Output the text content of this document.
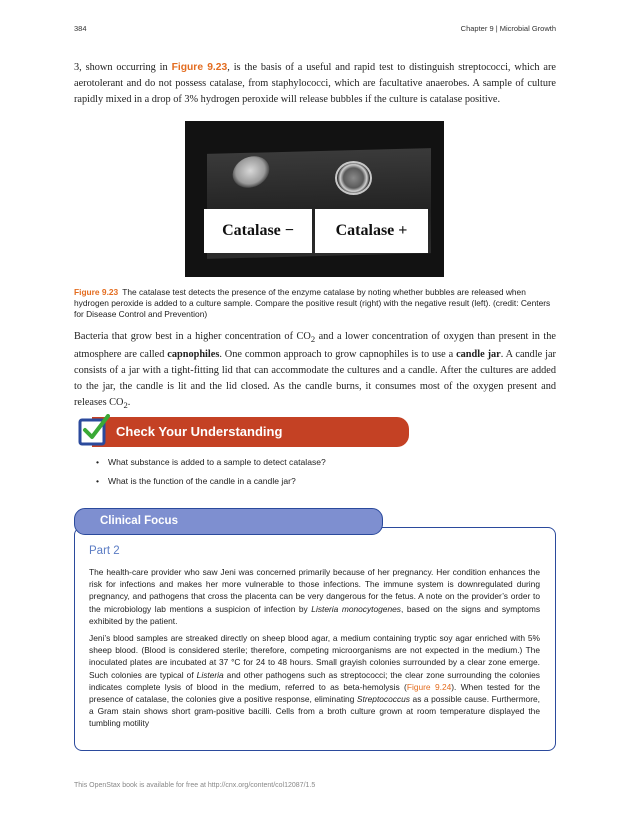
384	Chapter 9 | Microbial Growth

3, shown occurring in Figure 9.23, is the basis of a useful and rapid test to distinguish streptococci, which are aerotolerant and do not possess catalase, from staphylococci, which are facultative anaerobes. A sample of culture rapidly mixed in a drop of 3% hydrogen peroxide will release bubbles if the culture is catalase positive.

Catalase −	Catalase +

Figure 9.23 The catalase test detects the presence of the enzyme catalase by noting whether bubbles are released when hydrogen peroxide is added to a culture sample. Compare the positive result (right) with the negative result (left). (credit: Centers for Disease Control and Prevention)

Bacteria that grow best in a higher concentration of $CO_2$ and a lower concentration of oxygen than present in the atmosphere are called capnophiles. One common approach to grow capnophiles is to use a candle jar. A candle jar consists of a jar with a tight-fitting lid that can accommodate the cultures and a candle. After the cultures are added to the jar, the candle is lit and the lid closed. As the candle burns, it consumes most of the oxygen present and releases $CO_2$.

Check Your Understanding
• What substance is added to a sample to detect catalase?
• What is the function of the candle in a candle jar?
Clinical Focus
Part 2

The health-care provider who saw Jeni was concerned primarily because of her pregnancy. Her condition enhances the risk for infections and makes her more vulnerable to those infections. The immune system is downregulated during pregnancy, and pathogens that cross the placenta can be very dangerous for the fetus. A note on the provider’s order to the microbiology lab mentions a suspicion of infection by Listeria monocytogenes, based on the signs and symptoms exhibited by the patient.

Jeni’s blood samples are streaked directly on sheep blood agar, a medium containing tryptic soy agar enriched with 5% sheep blood. (Blood is considered sterile; therefore, competing microorganisms are not expected in the medium.) The inoculated plates are incubated at 37 °C for 24 to 48 hours. Small grayish colonies surrounded by a clear zone emerge. Such colonies are typical of Listeria and other pathogens such as streptococci; the clear zone surrounding the colonies indicates complete lysis of blood in the medium, referred to as beta-hemolysis (Figure 9.24). When tested for the presence of catalase, the colonies give a positive response, eliminating Streptococcus as a possible cause. Furthermore, a Gram stain shows short gram-positive bacilli. Cells from a broth culture grown at room temperature displayed the tumbling motility

This OpenStax book is available for free at http://cnx.org/content/col12087/1.5
